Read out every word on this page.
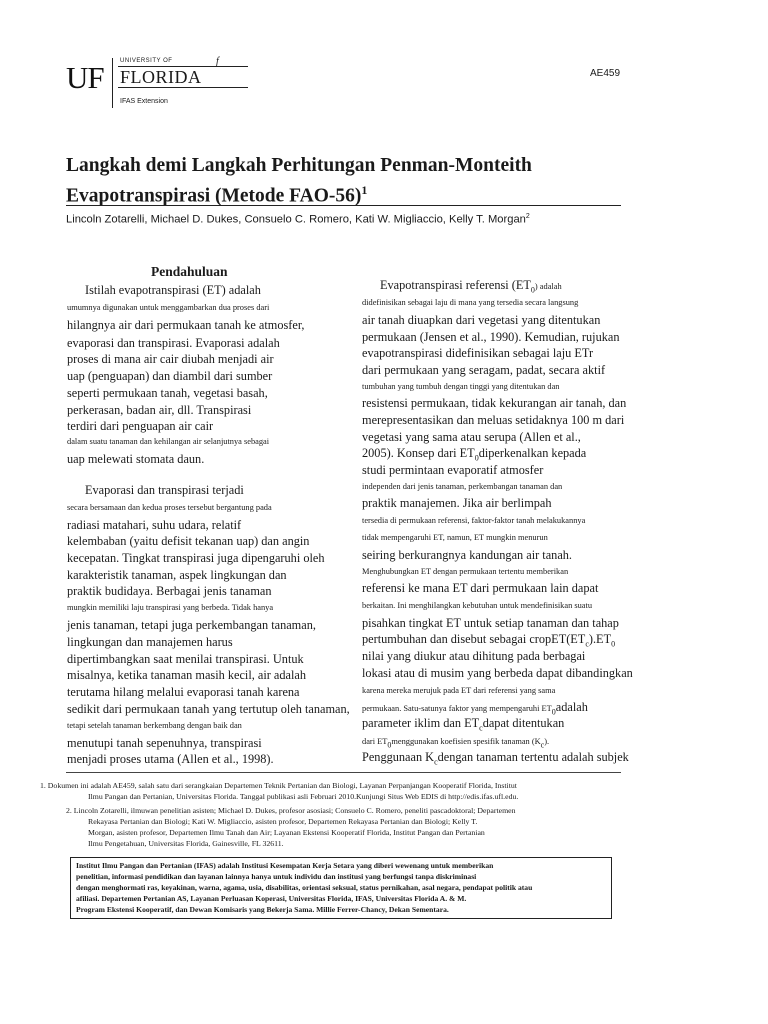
UF	UNIVERSITY OF
FLORIDA
f
IFAS Extension
AE459
Langkah demi Langkah Perhitungan Penman-Monteith
Evapotranspirasi (Metode FAO-56)$^1$
Lincoln Zotarelli, Michael D. Dukes, Consuelo C. Romero, Kati W. Migliaccio, Kelly T. Morgan$^2$
Pendahuluan
Istilah evapotranspirasi (ET) adalah
umumnya digunakan untuk menggambarkan dua proses dari
hilangnya air dari permukaan tanah ke atmosfer,
evaporasi dan transpirasi. Evaporasi adalah
proses di mana air cair diubah menjadi air
uap (penguapan) dan diambil dari sumber
seperti permukaan tanah, vegetasi basah,
perkerasan, badan air, dll. Transpirasi
terdiri dari penguapan air cair
dalam suatu tanaman dan kehilangan air selanjutnya sebagai
uap melewati stomata daun.
Evaporasi dan transpirasi terjadi
secara bersamaan dan kedua proses tersebut bergantung pada
radiasi matahari, suhu udara, relatif
kelembaban (yaitu defisit tekanan uap) dan angin
kecepatan. Tingkat transpirasi juga dipengaruhi oleh
karakteristik tanaman, aspek lingkungan dan
praktik budidaya. Berbagai jenis tanaman
mungkin memiliki laju transpirasi yang berbeda. Tidak hanya
jenis tanaman, tetapi juga perkembangan tanaman,
lingkungan dan manajemen harus
dipertimbangkan saat menilai transpirasi. Untuk
misalnya, ketika tanaman masih kecil, air adalah
terutama hilang melalui evaporasi tanah karena
sedikit dari permukaan tanah yang tertutup oleh tanaman,
tetapi setelah tanaman berkembang dengan baik dan
menutupi tanah sepenuhnya, transpirasi
menjadi proses utama (Allen et al., 1998).
Evapotranspirasi referensi $(ET_0)$ adalah
didefinisikan sebagai laju di mana yang tersedia secara langsung
air tanah diuapkan dari vegetasi yang ditentukan
permukaan (Jensen et al., 1990). Kemudian, rujukan
evapotranspirasi didefinisikan sebagai laju ETr
dari permukaan yang seragam, padat, secara aktif
tumbuhan yang tumbuh dengan tinggi yang ditentukan dan
resistensi permukaan, tidak kekurangan air tanah, dan
merepresentasikan dan meluas setidaknya 100 m dari
vegetasi yang sama atau serupa (Allen et al.,
2005). Konsep dari $ET_0diperkenalkan$ kepada
studi permintaan evaporatif atmosfer
independen dari jenis tanaman, perkembangan tanaman dan
praktik manajemen. Jika air berlimpah
tersedia di permukaan referensi, faktor-faktor tanah melakukannya
tidak mempengaruhi ET, namun, ET mungkin menurun
seiring berkurangnya kandungan air tanah.
Menghubungkan ET dengan permukaan tertentu memberikan
referensi ke mana ET dari permukaan lain dapat
berkaitan. Ini menghilangkan kebutuhan untuk mendefinisikan suatu
pisahkan tingkat ET untuk setiap tanaman dan tahap
pertumbuhan dan disebut sebagai $cropET(ET_c).ET_0$
nilai yang diukur atau dihitung pada berbagai
lokasi atau di musim yang berbeda dapat dibandingkan
karena mereka merujuk pada ET dari referensi yang sama
permukaan. Satu-satunya faktor yang mempengaruhi $ET_0adalah$
parameter iklim dan $ET_cdapat$ ditentukan
dari $ET_0menggunakan$ koefisien spesifik tanaman $(K_c)$.
Penggunaan $K_cdengan$ tanaman tertentu adalah subjek
1. Dokumen ini adalah AE459, salah satu dari serangkaian Departemen Teknik Pertanian dan Biologi, Layanan Perpanjangan Kooperatif Florida, Institut
Ilmu Pangan dan Pertanian, Universitas Florida. Tanggal publikasi asli Februari 2010.Kunjungi Situs Web EDIS di http://edis.ifas.ufl.edu.
2. Lincoln Zotarelli, ilmuwan penelitian asisten; Michael D. Dukes, profesor asosiasi; Consuelo C. Romero, peneliti pascadoktoral; Departemen
Rekayasa Pertanian dan Biologi; Kati W. Migliaccio, asisten profesor, Departemen Rekayasa Pertanian dan Biologi; Kelly T.
Morgan, asisten profesor, Departemen Ilmu Tanah dan Air; Layanan Ekstensi Kooperatif Florida, Institut Pangan dan Pertanian
Ilmu Pengetahuan, Universitas Florida, Gainesville, FL 32611.
Institut Ilmu Pangan dan Pertanian (IFAS) adalah Institusi Kesempatan Kerja Setara yang diberi wewenang untuk memberikan
penelitian, informasi pendidikan dan layanan lainnya hanya untuk individu dan institusi yang berfungsi tanpa diskriminasi
dengan menghormati ras, keyakinan, warna, agama, usia, disabilitas, orientasi seksual, status pernikahan, asal negara, pendapat politik atau
afiliasi. Departemen Pertanian AS, Layanan Perluasan Koperasi, Universitas Florida, IFAS, Universitas Florida A. & M.
Program Ekstensi Kooperatif, dan Dewan Komisaris yang Bekerja Sama. Millie Ferrer-Chancy, Dekan Sementara.
